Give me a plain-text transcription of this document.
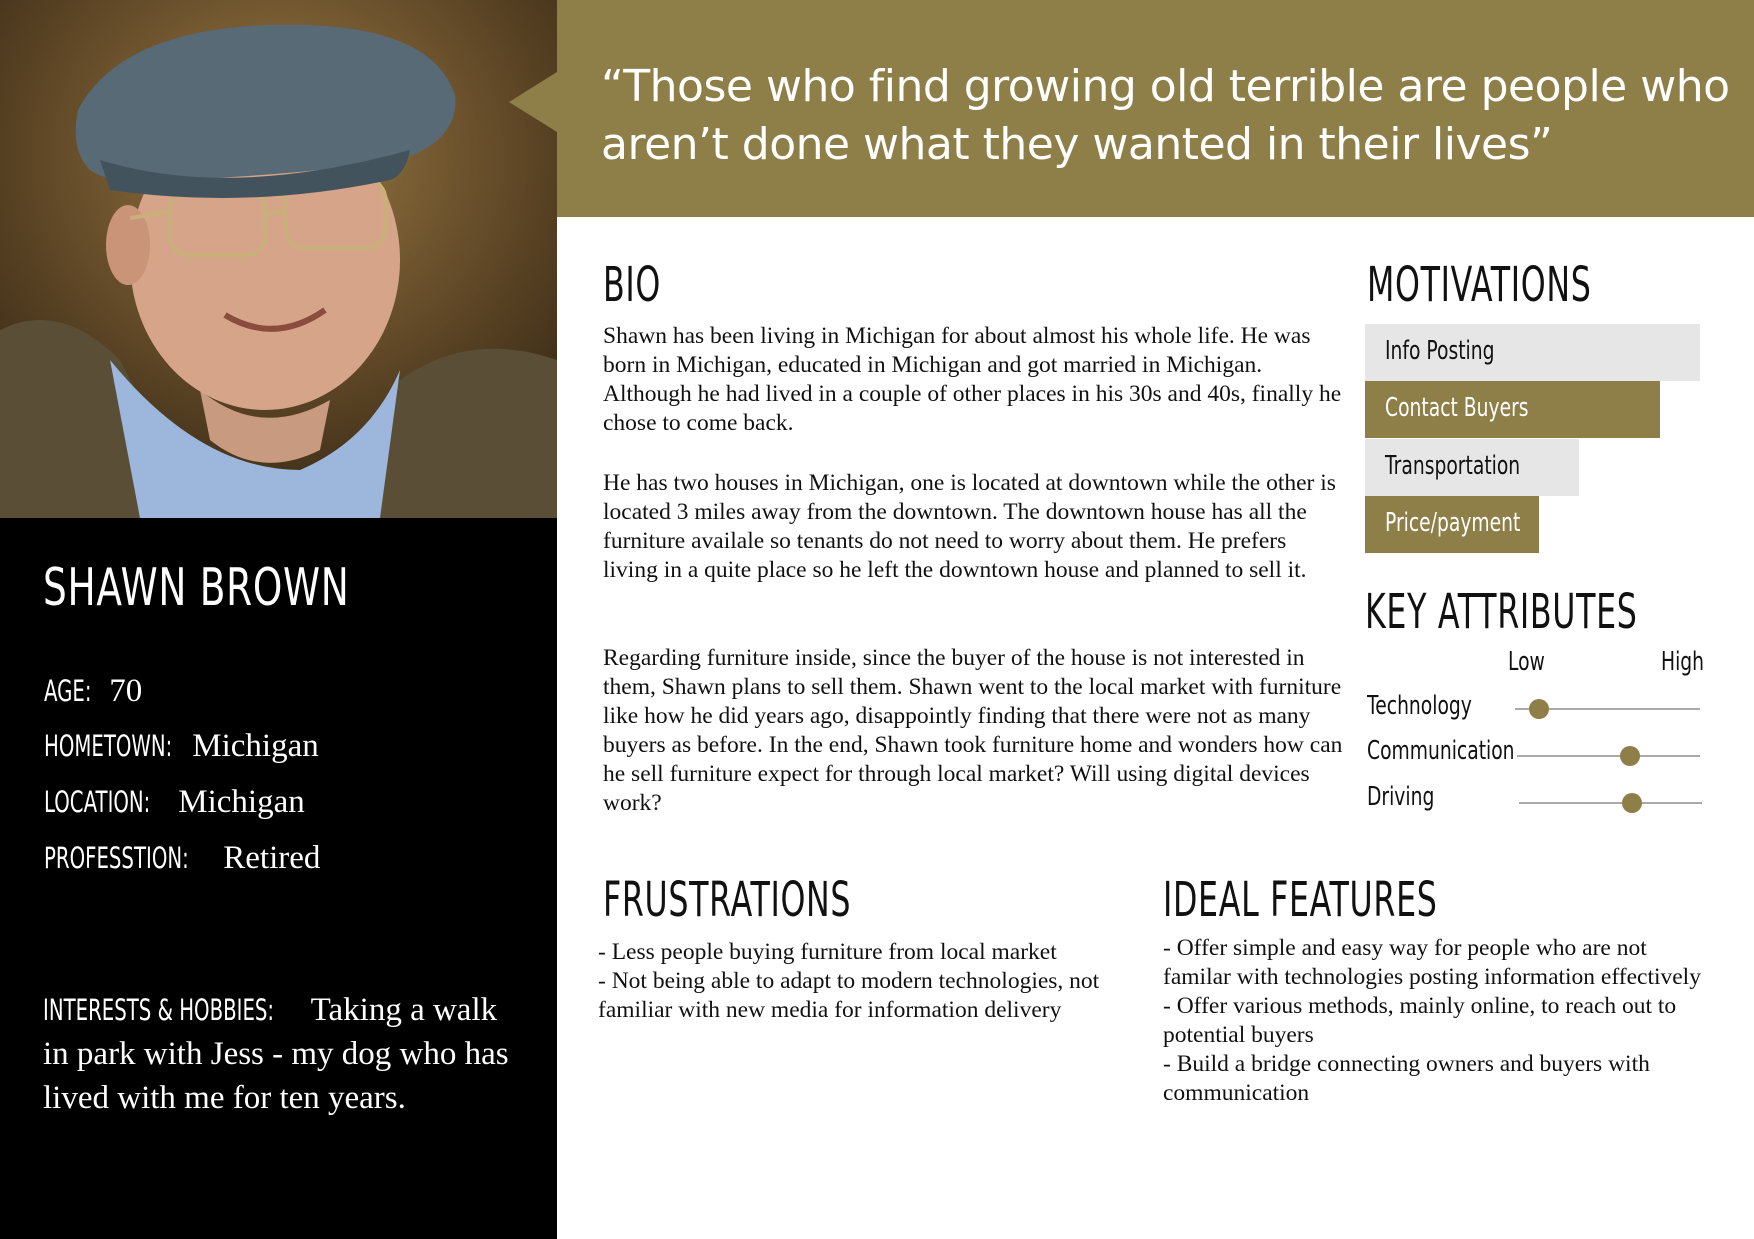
SHAWN BROWN
AGE: 70
HOMETOWN: Michigan
LOCATION: Michigan
PROFESSTION: Retired
INTERESTS & HOBBIES: Taking a walk in park with Jess - my dog who has lived with me for ten years.
“Those who find growing old terrible are people who aren’t done what they wanted in their lives”
BIO

Shawn has been living in Michigan for about almost his whole life. He was born in Michigan, educated in Michigan and got married in Michigan. Although he had lived in a couple of other places in his 30s and 40s, finally he chose to come back.

He has two houses in Michigan, one is located at downtown while the other is located 3 miles away from the downtown. The downtown house has all the furniture availale so tenants do not need to worry about them. He prefers living in a quite place so he left the downtown house and planned to sell it.

Regarding furniture inside, since the buyer of the house is not interested in them, Shawn plans to sell them. Shawn went to the local market with furniture like how he did years ago, disappointly finding that there were not as many buyers as before. In the end, Shawn took furniture home and wonders how can he sell furniture expect for through local market? Will using digital devices work?

MOTIVATIONS
Info Posting
Contact Buyers
Transportation
Price/payment
KEY ATTRIBUTES
Low	High
Technology
Communication
Driving
FRUSTRATIONS
- Less people buying furniture from local market
- Not being able to adapt to modern technologies, not familiar with new media for information delivery
IDEAL FEATURES
- Offer simple and easy way for people who are not familar with technologies posting information effectively
- Offer various methods, mainly online, to reach out to potential buyers
- Build a bridge connecting owners and buyers with communication
